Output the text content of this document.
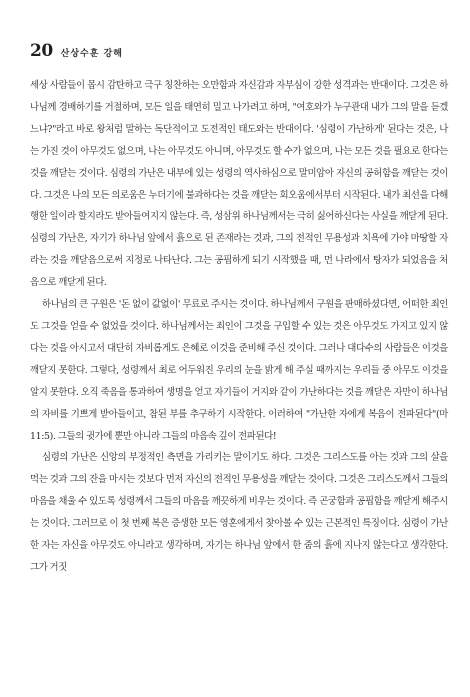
20 산상수훈 강해

세상 사람들이 몹시 감탄하고 극구 칭찬하는 오만함과 자신감과 자부심이 강한 성격과는 반대이다. 그것은 하나님께 경배하기를 거절하며, 모든 일을 태연히 밀고 나가려고 하며, "여호와가 누구관대 내가 그의 말을 듣겠느냐?"라고 바로 왕처럼 말하는 독단적이고 도전적인 태도와는 반대이다. '심령이 가난하게' 된다는 것은, 나는 가진 것이 아무것도 없으며, 나는 아무것도 아니며, 아무것도 할 수가 없으며, 나는 모든 것을 필요로 한다는 것을 깨닫는 것이다. 심령의 가난은 내부에 있는 성령의 역사하심으로 말미암아 자신의 공허함을 깨닫는 것이다. 그것은 나의 모든 의로움은 누더기에 불과하다는 것을 깨닫는 회오움에서부터 시작된다. 내가 최선을 다해 행한 일이라 할지라도 받아들여지지 않는다. 즉, 성삼위 하나님께서는 극히 싫어하신다는 사실을 깨닫게 된다. 심령의 가난은, 자기가 하나님 앞에서 흙으로 된 존재라는 것과, 그의 전적인 무용성과 치욕에 가야 마땅할 자라는 것을 깨닫음으로써 지정로 나타난다. 그는 공핍하게 되기 시작했을 때, 먼 나라에서 탕자가 되었음을 처음으로 깨닫게 된다.

하나님의 큰 구원은 '돈 없이 값없이' 무료로 주시는 것이다. 하나님께서 구원을 판매하셨다면, 어떠한 죄인도 그것을 얻을 수 없었을 것이다. 하나님께서는 죄인이 그것을 구입할 수 있는 것은 아무것도 가지고 있지 않다는 것을 아시고서 대단히 자비롭게도 은혜로 이것을 준비해 주신 것이다. 그러나 대다수의 사람들은 이것을 깨닫지 못한다. 그렇다, 성령께서 최로 어두워진 우리의 눈을 밝게 해 주실 때까지는 우리들 중 아무도 이것을 알지 못한다. 오직 죽음을 통과하여 생명을 얻고 자기들이 거지와 같이 가난하다는 것을 깨닫은 자만이 하나님의 자비를 기쁘게 받아들이고, 참된 부를 추구하기 시작한다. 이러하여 "가난한 자에게 복음이 전파된다"(마 11:5). 그들의 귓가에 뿐만 아니라 그들의 마음속 깊이 전파된다!

심령의 가난은 신앙의 부정적인 측면을 가리키는 말이기도 하다. 그것은 그리스도를 아는 것과 그의 살을 먹는 것과 그의 잔을 마시는 것보다 먼저 자신의 전적인 무용성을 깨닫는 것이다. 그것은 그리스도께서 그들의 마음을 채울 수 있도록 성령께서 그들의 마음을 깨끗하게 비우는 것이다. 즉 곤궁함과 공핍함을 깨닫게 해주시는 것이다. 그러므로 이 첫 번째 복은 증생한 모든 영혼에게서 찾아볼 수 있는 근본적인 특징이다. 심령이 가난한 자는 자신을 아무것도 아니라고 생각하며, 자기는 하나님 앞에서 한 줌의 흙에 지나지 않는다고 생각한다. 그가 거짓
